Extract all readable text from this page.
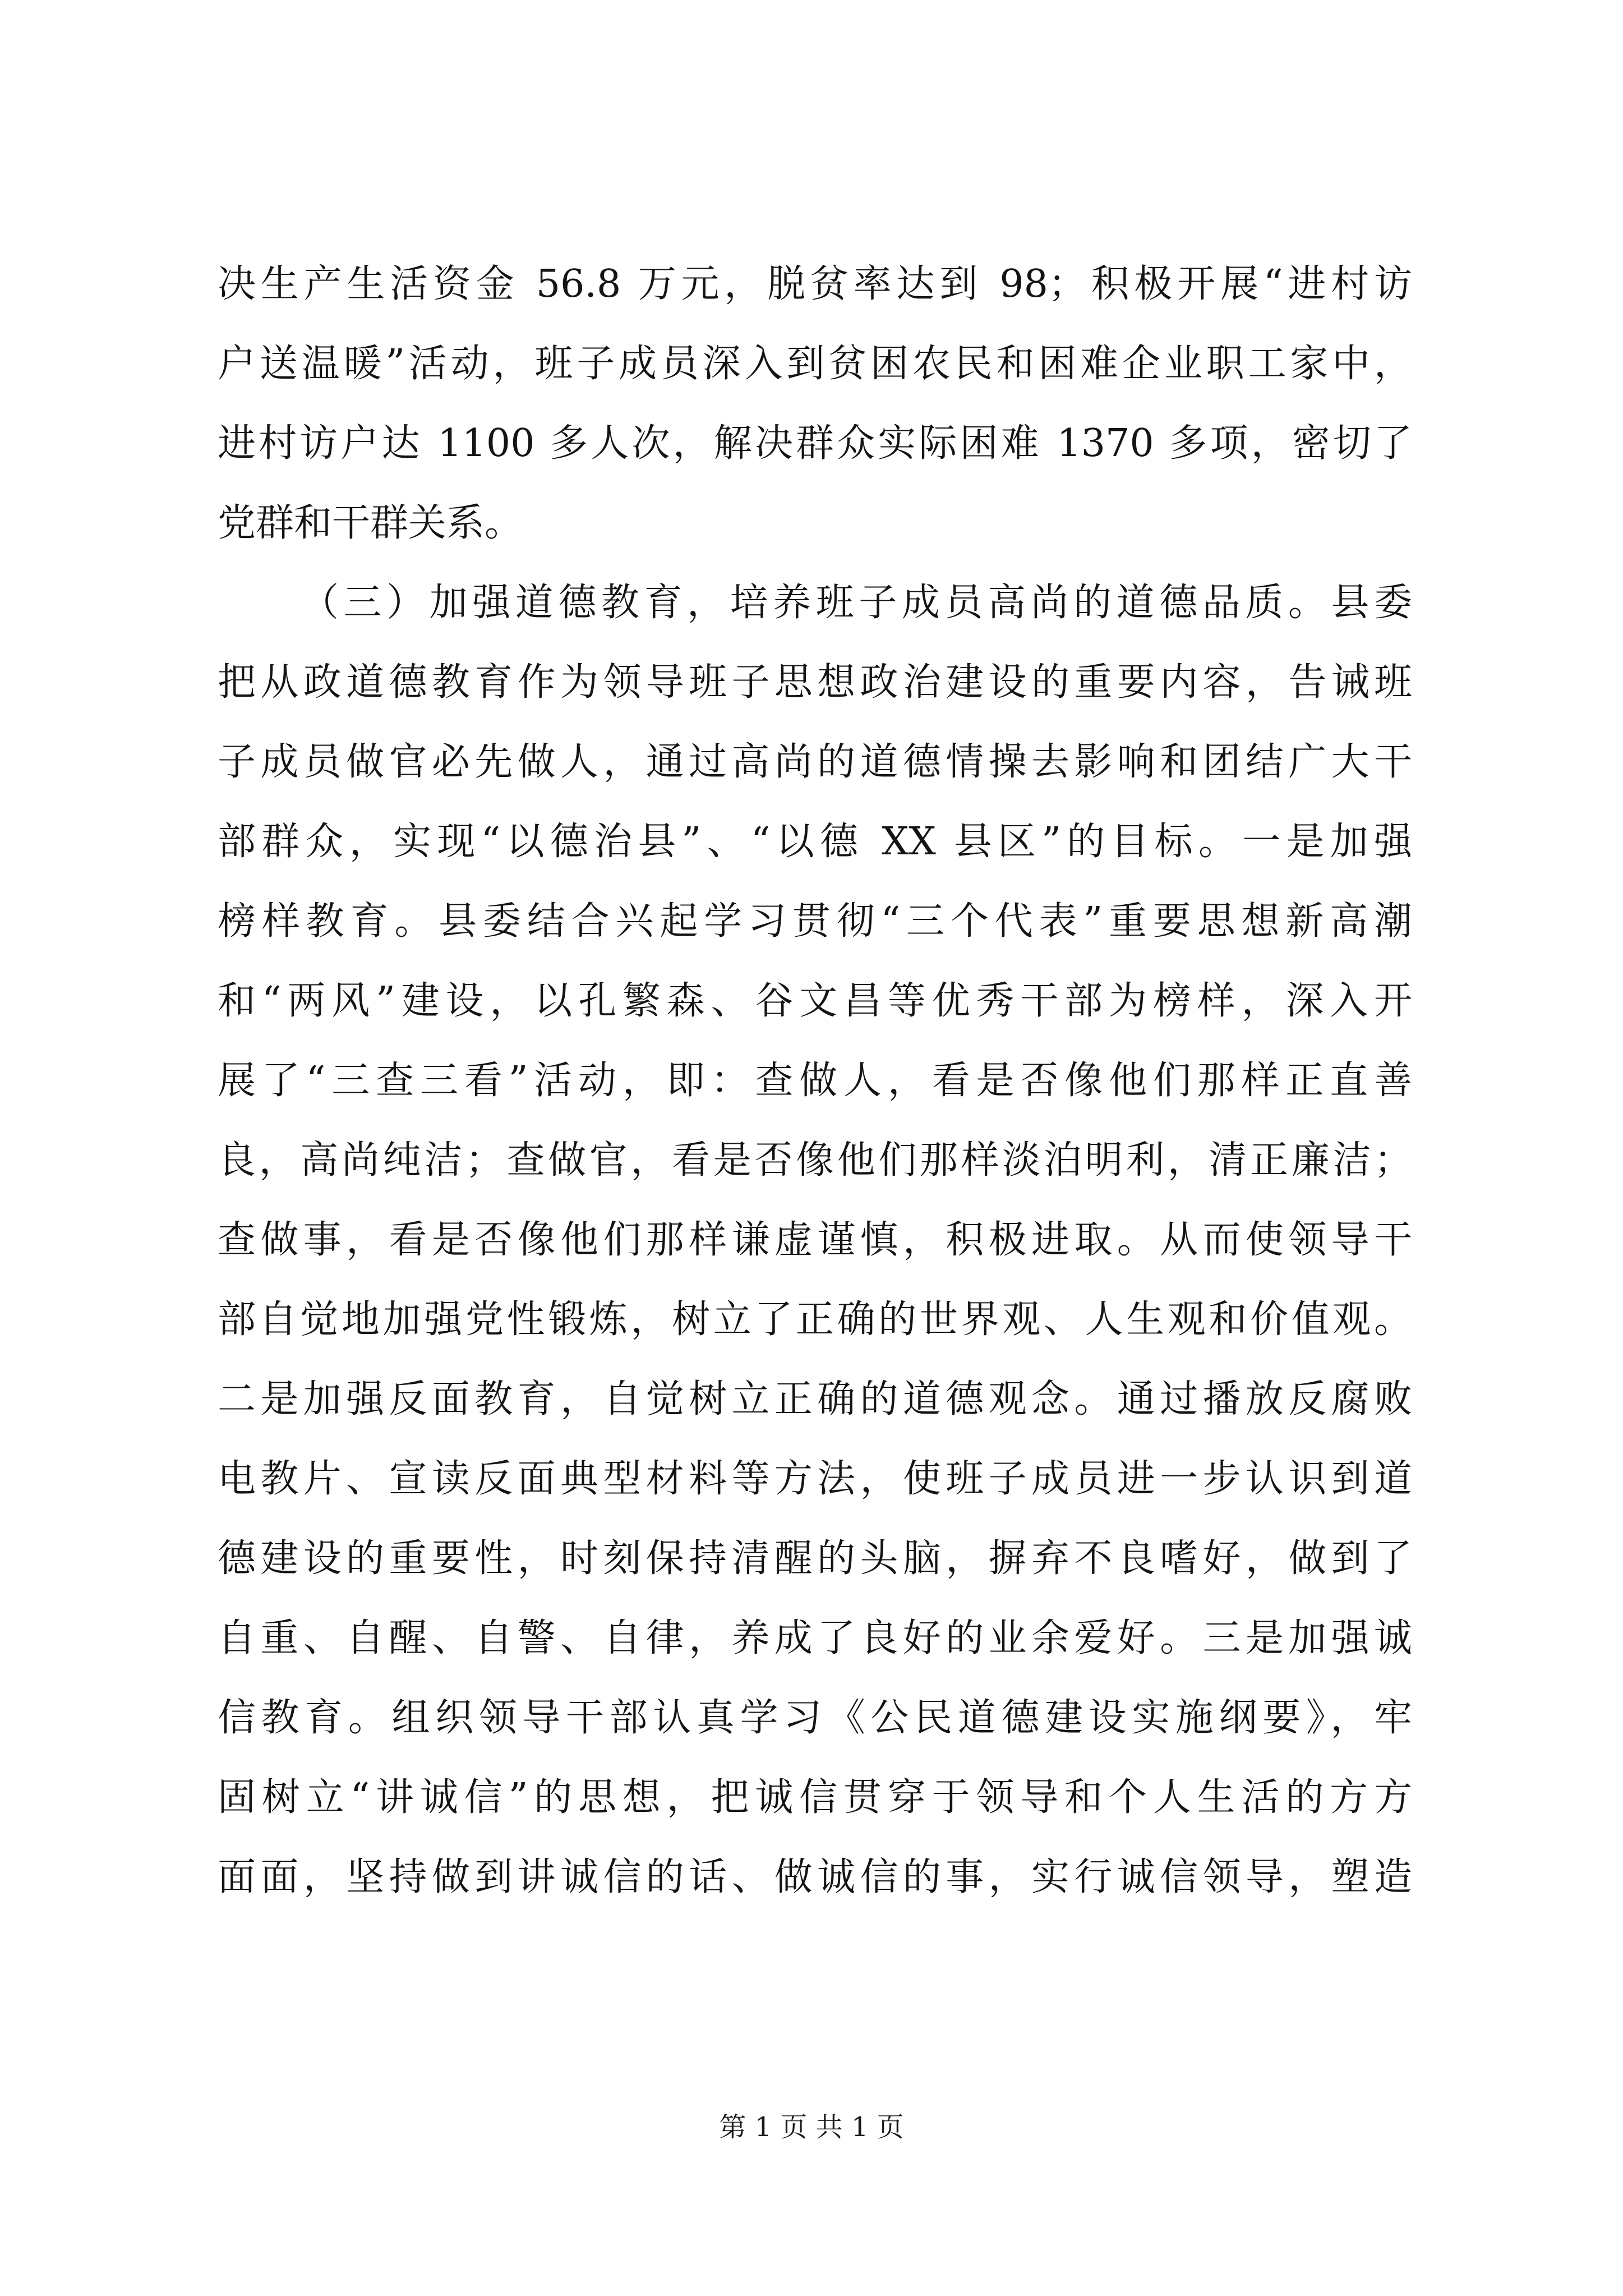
决生产生活资金 56.8 万元，脱贫率达到 98；积极开展“进村访
户送温暖”活动，班子成员深入到贫困农民和困难企业职工家中，
进村访户达 1100 多人次，解决群众实际困难 1370 多项，密切了
党群和干群关系。
（三）加强道德教育，培养班子成员高尚的道德品质。县委
把从政道德教育作为领导班子思想政治建设的重要内容，告诫班
子成员做官必先做人，通过高尚的道德情操去影响和团结广大干
部群众，实现“以德治县”、“以德 XX 县区”的目标。一是加强
榜样教育。县委结合兴起学习贯彻“三个代表”重要思想新高潮
和“两风”建设，以孔繁森、谷文昌等优秀干部为榜样，深入开
展了“三查三看”活动，即：查做人，看是否像他们那样正直善
良，高尚纯洁；查做官，看是否像他们那样淡泊明利，清正廉洁；
查做事，看是否像他们那样谦虚谨慎，积极进取。从而使领导干
部自觉地加强党性锻炼，树立了正确的世界观、人生观和价值观。
二是加强反面教育，自觉树立正确的道德观念。通过播放反腐败
电教片、宣读反面典型材料等方法，使班子成员进一步认识到道
德建设的重要性，时刻保持清醒的头脑，摒弃不良嗜好，做到了
自重、自醒、自警、自律，养成了良好的业余爱好。三是加强诚
信教育。组织领导干部认真学习《公民道德建设实施纲要》，牢
固树立“讲诚信”的思想，把诚信贯穿于领导和个人生活的方方
面面，坚持做到讲诚信的话、做诚信的事，实行诚信领导，塑造
第 1 页 共 1 页
